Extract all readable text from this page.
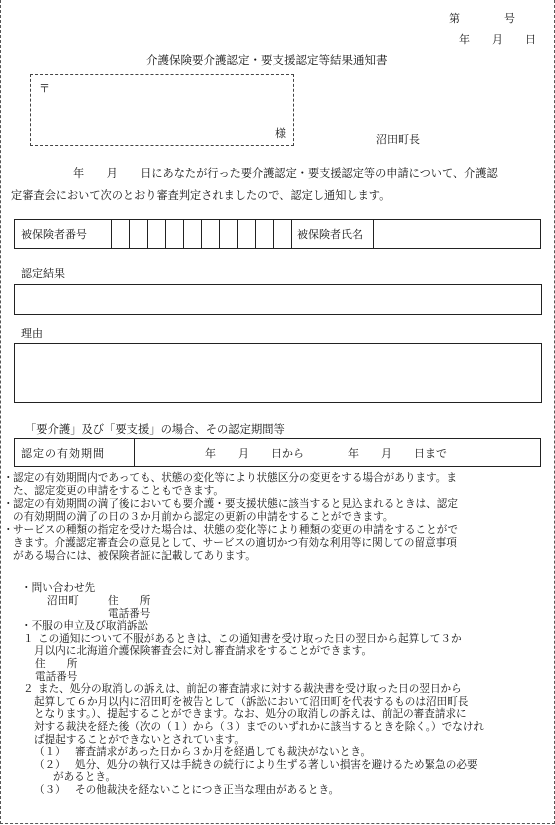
第　　　　号
年　　月　　日
介護保険要介護認定・要支援認定等結果通知書
〒
様	沼田町長
年　　月　　日にあなたが行った要介護認定・要支援認定等の申請について、介護認
定審査会において次のとおり審査判定されましたので、認定し通知します。
被保険者番号											被保険者氏名	
認定結果
理由
「要介護」及び「要支援」の場合、その認定期間等
認定の有効期間	年　　月　　日から　　　　年　　月　　日まで
・ 認定の有効期間内であっても、状態の変化等により状態区分の変更をする場合があります。ま
た、認定変更の申請をすることもできます。
・ 認定の有効期間の満了後においても要介護・要支援状態に該当すると見込まれるときは、認定
の有効期間の満了の日の３か月前から認定の更新の申請をすることができます。
・ サービスの種類の指定を受けた場合は、状態の変化等により種類の変更の申請をすることがで
きます。介護認定審査会の意見として、サービスの適切かつ有効な利用等に関しての留意事項
がある場合には、被保険者証に記載してあります。
・問い合わせ先
沼田町	住　　所
電話番号
・不服の申立及び取消訴訟
１ この通知について不服があるときは、この通知書を受け取った日の翌日から起算して３か
月以内に北海道介護保険審査会に対し審査請求をすることができます。
住　　所
電話番号
２ また、処分の取消しの訴えは、前記の審査請求に対する裁決書を受け取った日の翌日から
起算して６か月以内に沼田町を被告として（訴訟において沼田町を代表するものは沼田町長
となります。）、提起することができます。なお、処分の取消しの訴えは、前記の審査請求に
対する裁決を経た後（次の（１）から（３）までのいずれかに該当するときを除く。）でなけれ
ば提起することができないとされています。
（１） 審査請求があった日から３か月を経過しても裁決がないとき。
（２） 処分、処分の執行又は手続きの続行により生ずる著しい損害を避けるため緊急の必要
があるとき。
（３） その他裁決を経ないことにつき正当な理由があるとき。
